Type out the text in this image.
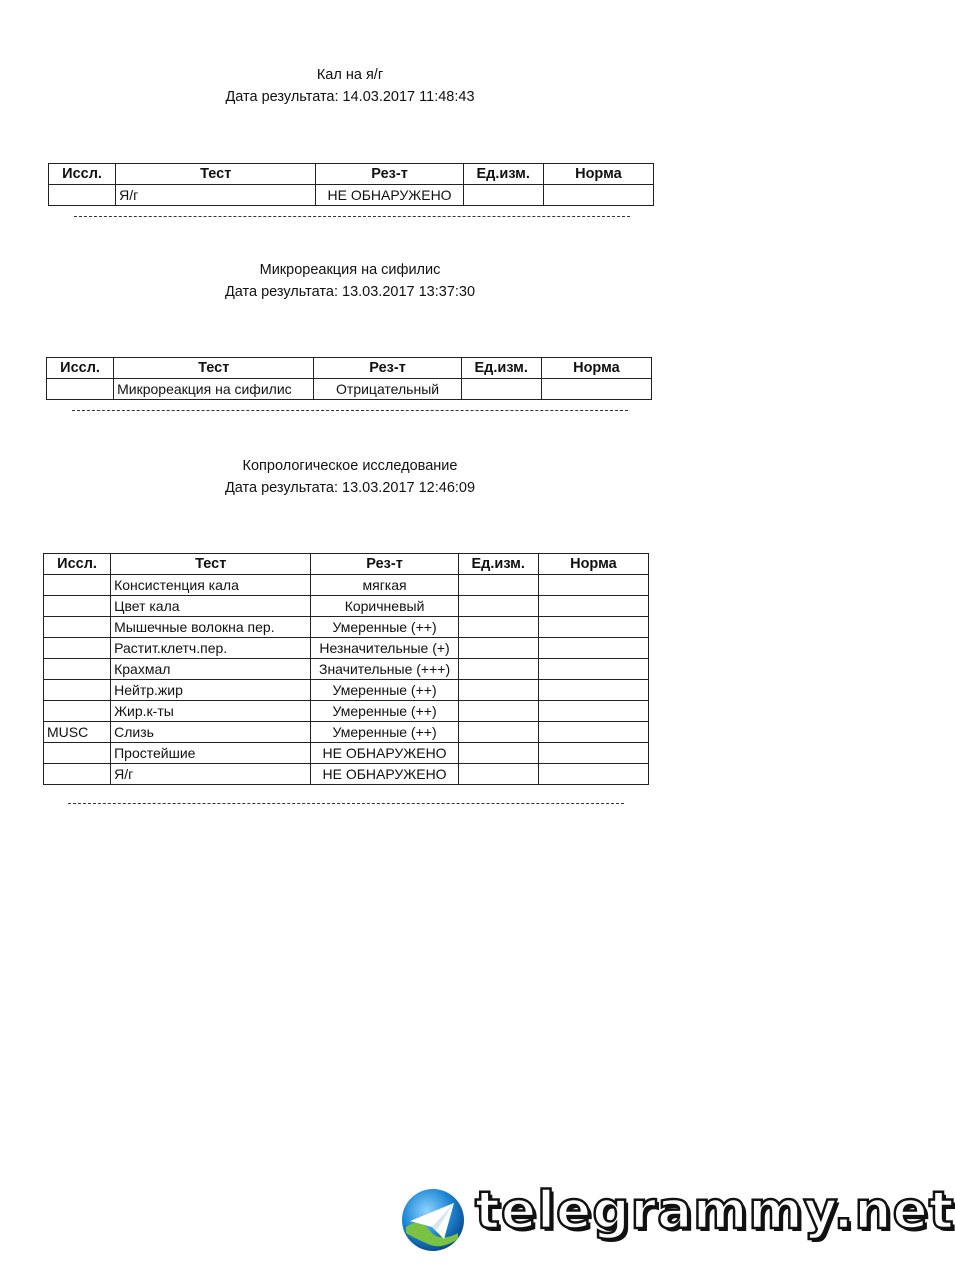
Кал на я/г
Дата результата: 14.03.2017 11:48:43
Иссл.	Тест	Рез-т	Ед.изм.	Норма
	Я/г	НЕ ОБНАРУЖЕНО		
Микрореакция на сифилис
Дата результата: 13.03.2017 13:37:30
Иссл.	Тест	Рез-т	Ед.изм.	Норма
	Микрореакция на сифилис	Отрицательный		
Копрологическое исследование
Дата результата: 13.03.2017 12:46:09
Иссл.	Тест	Рез-т	Ед.изм.	Норма
	Консистенция кала	мягкая		
	Цвет кала	Коричневый		
	Мышечные волокна пер.	Умеренные (++)		
	Растит.клетч.пер.	Незначительные (+)		
	Крахмал	Значительные (+++)		
	Нейтр.жир	Умеренные (++)		
	Жир.к-ты	Умеренные (++)		
MUSC	Слизь	Умеренные (++)		
	Простейшие	НЕ ОБНАРУЖЕНО		
	Я/г	НЕ ОБНАРУЖЕНО		
telegrammy.net
